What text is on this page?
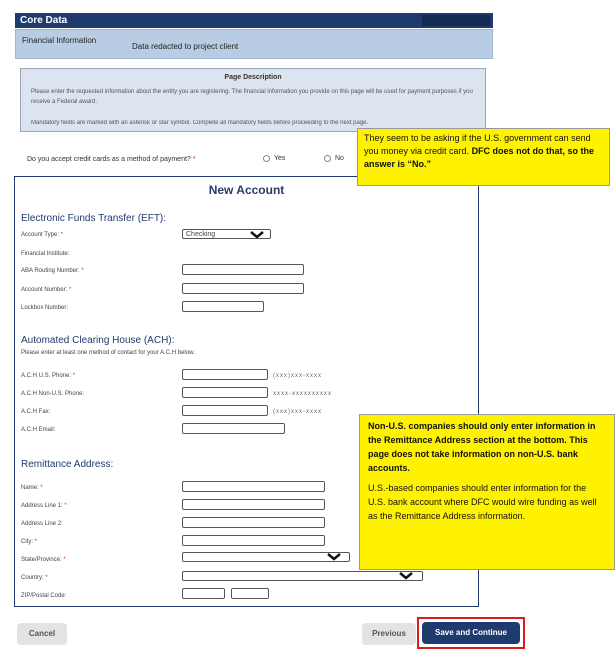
Core Data
Financial Information
Data redacted to project client
Page Description
Please enter the requested information about the entity you are registering. The financial information you provide on this page will be used for payment purposes if you receive a Federal award.
Mandatory fields are marked with an asterisk or star symbol. Complete all mandatory fields before proceeding to the next page.
Do you accept credit cards as a method of payment? *	Yes	No
New Account
Electronic Funds Transfer (EFT):
Account Type: *	Checking
Financial Institute:
ABA Routing Number: *
Account Number: *
Lockbox Number:
Automated Clearing House (ACH):
Please enter at least one method of contact for your A.C.H below.
A.C.H U.S. Phone: *	(xxx)xxx-xxxx
A.C.H Non-U.S. Phone:	xxxx-xxxxxxxxxx
A.C.H Fax:	(xxx)xxx-xxxx
A.C.H Email:
Remittance Address:
Name: *
Address Line 1: *
Address Line 2:
City: *
State/Province: *
Country: *
ZIP/Postal Code:
They seem to be asking if the U.S. government can send you money via credit card. DFC does not do that, so the answer is “No.”
Non-U.S. companies should only enter information in the Remittance Address section at the bottom. This page does not take information on non-U.S. bank accounts.
U.S.-based companies should enter information for the U.S. bank account where DFC would wire funding as well as the Remittance Address information.
Cancel	Previous	Save and Continue
